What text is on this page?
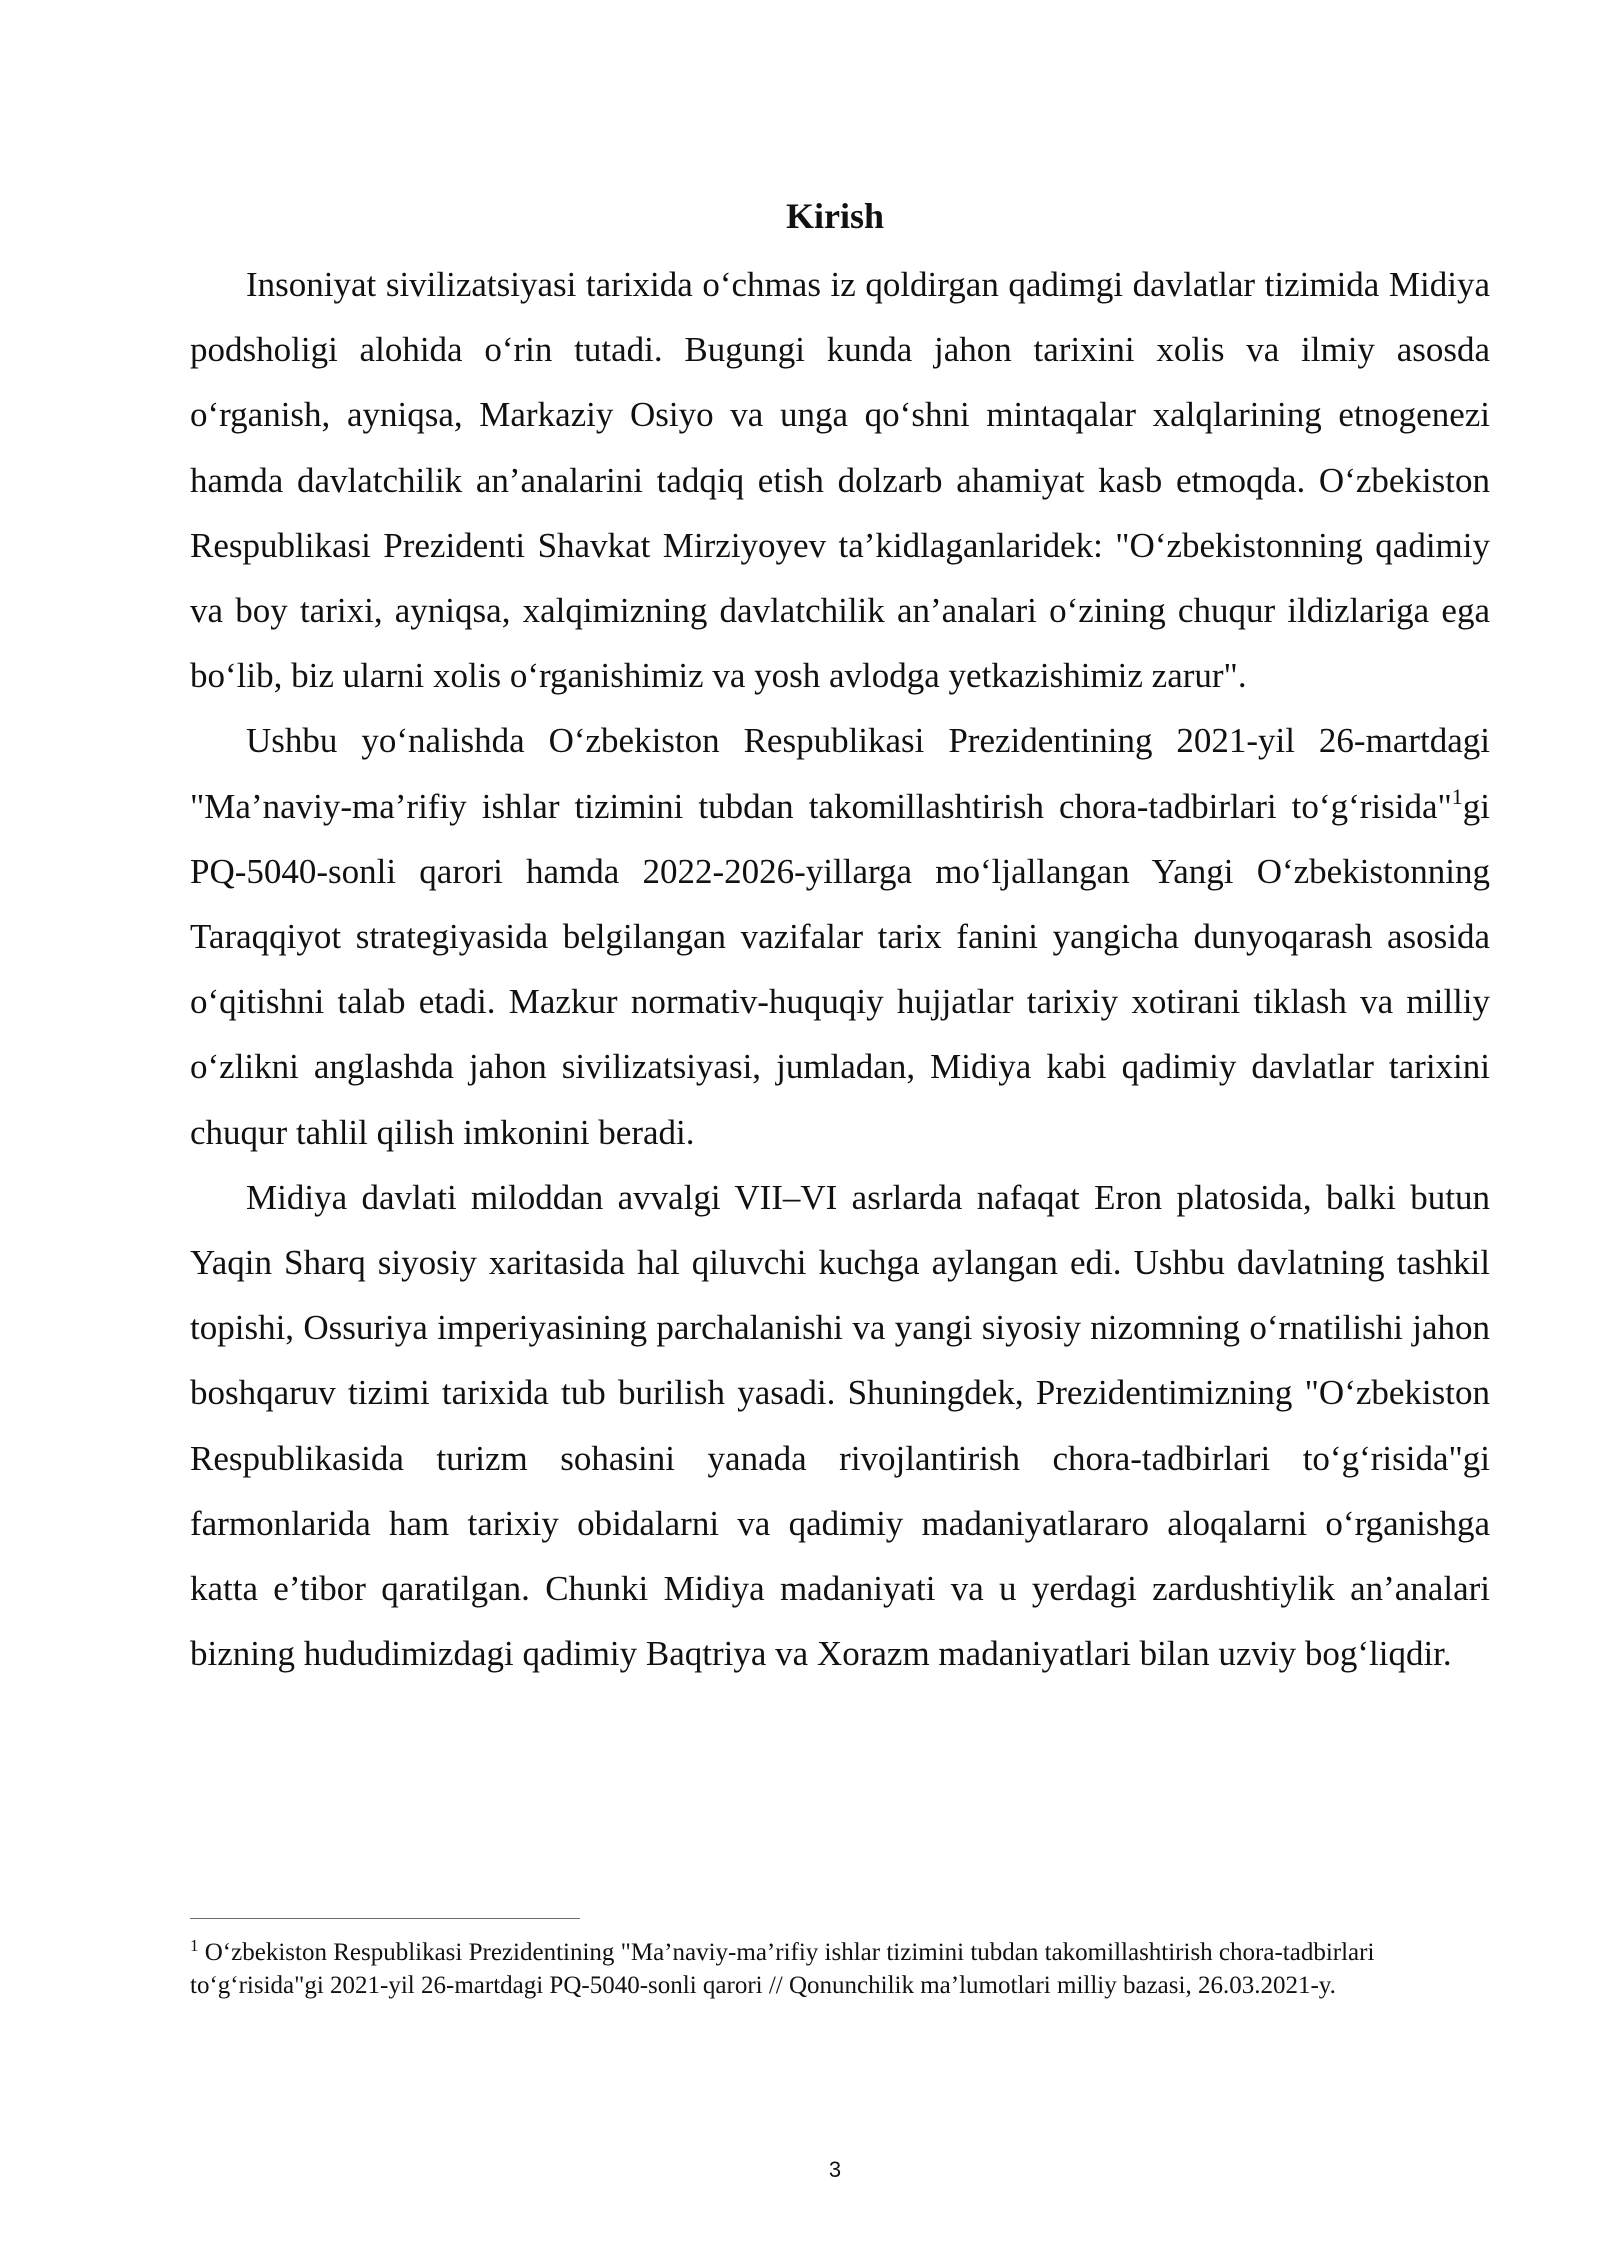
Kirish

Insoniyat sivilizatsiyasi tarixida o‘chmas iz qoldirgan qadimgi davlatlar tizimida Midiya podsholigi alohida o‘rin tutadi. Bugungi kunda jahon tarixini xolis va ilmiy asosda o‘rganish, ayniqsa, Markaziy Osiyo va unga qo‘shni mintaqalar xalqlarining etnogenezi hamda davlatchilik an’analarini tadqiq etish dolzarb ahamiyat kasb etmoqda. O‘zbekiston Respublikasi Prezidenti Shavkat Mirziyoyev ta’kidlaganlaridek: "O‘zbekistonning qadimiy va boy tarixi, ayniqsa, xalqimizning davlatchilik an’analari o‘zining chuqur ildizlariga ega bo‘lib, biz ularni xolis o‘rganishimiz va yosh avlodga yetkazishimiz zarur".

Ushbu yo‘nalishda O‘zbekiston Respublikasi Prezidentining 2021-yil 26-martdagi "Ma’naviy-ma’rifiy ishlar tizimini tubdan takomillashtirish chora-tadbirlari to‘g‘risida"$^1$gi PQ-5040-sonli qarori hamda 2022-2026-yillarga mo‘ljallangan Yangi O‘zbekistonning Taraqqiyot strategiyasida belgilangan vazifalar tarix fanini yangicha dunyoqarash asosida o‘qitishni talab etadi. Mazkur normativ-huquqiy hujjatlar tarixiy xotirani tiklash va milliy o‘zlikni anglashda jahon sivilizatsiyasi, jumladan, Midiya kabi qadimiy davlatlar tarixini chuqur tahlil qilish imkonini beradi.

Midiya davlati miloddan avvalgi VII–VI asrlarda nafaqat Eron platosida, balki butun Yaqin Sharq siyosiy xaritasida hal qiluvchi kuchga aylangan edi. Ushbu davlatning tashkil topishi, Ossuriya imperiyasining parchalanishi va yangi siyosiy nizomning o‘rnatilishi jahon boshqaruv tizimi tarixida tub burilish yasadi. Shuningdek, Prezidentimizning "O‘zbekiston Respublikasida turizm sohasini yanada rivojlantirish chora-tadbirlari to‘g‘risida"gi farmonlarida ham tarixiy obidalarni va qadimiy madaniyatlararo aloqalarni o‘rganishga katta e’tibor qaratilgan. Chunki Midiya madaniyati va u yerdagi zardushtiylik an’analari bizning hududimizdagi qadimiy Baqtriya va Xorazm madaniyatlari bilan uzviy bog‘liqdir.

$^1$ O‘zbekiston Respublikasi Prezidentining "Ma’naviy-ma’rifiy ishlar tizimini tubdan takomillashtirish chora-tadbirlari to‘g‘risida"gi 2021-yil 26-martdagi PQ-5040-sonli qarori // Qonunchilik ma’lumotlari milliy bazasi, 26.03.2021-y.

3
